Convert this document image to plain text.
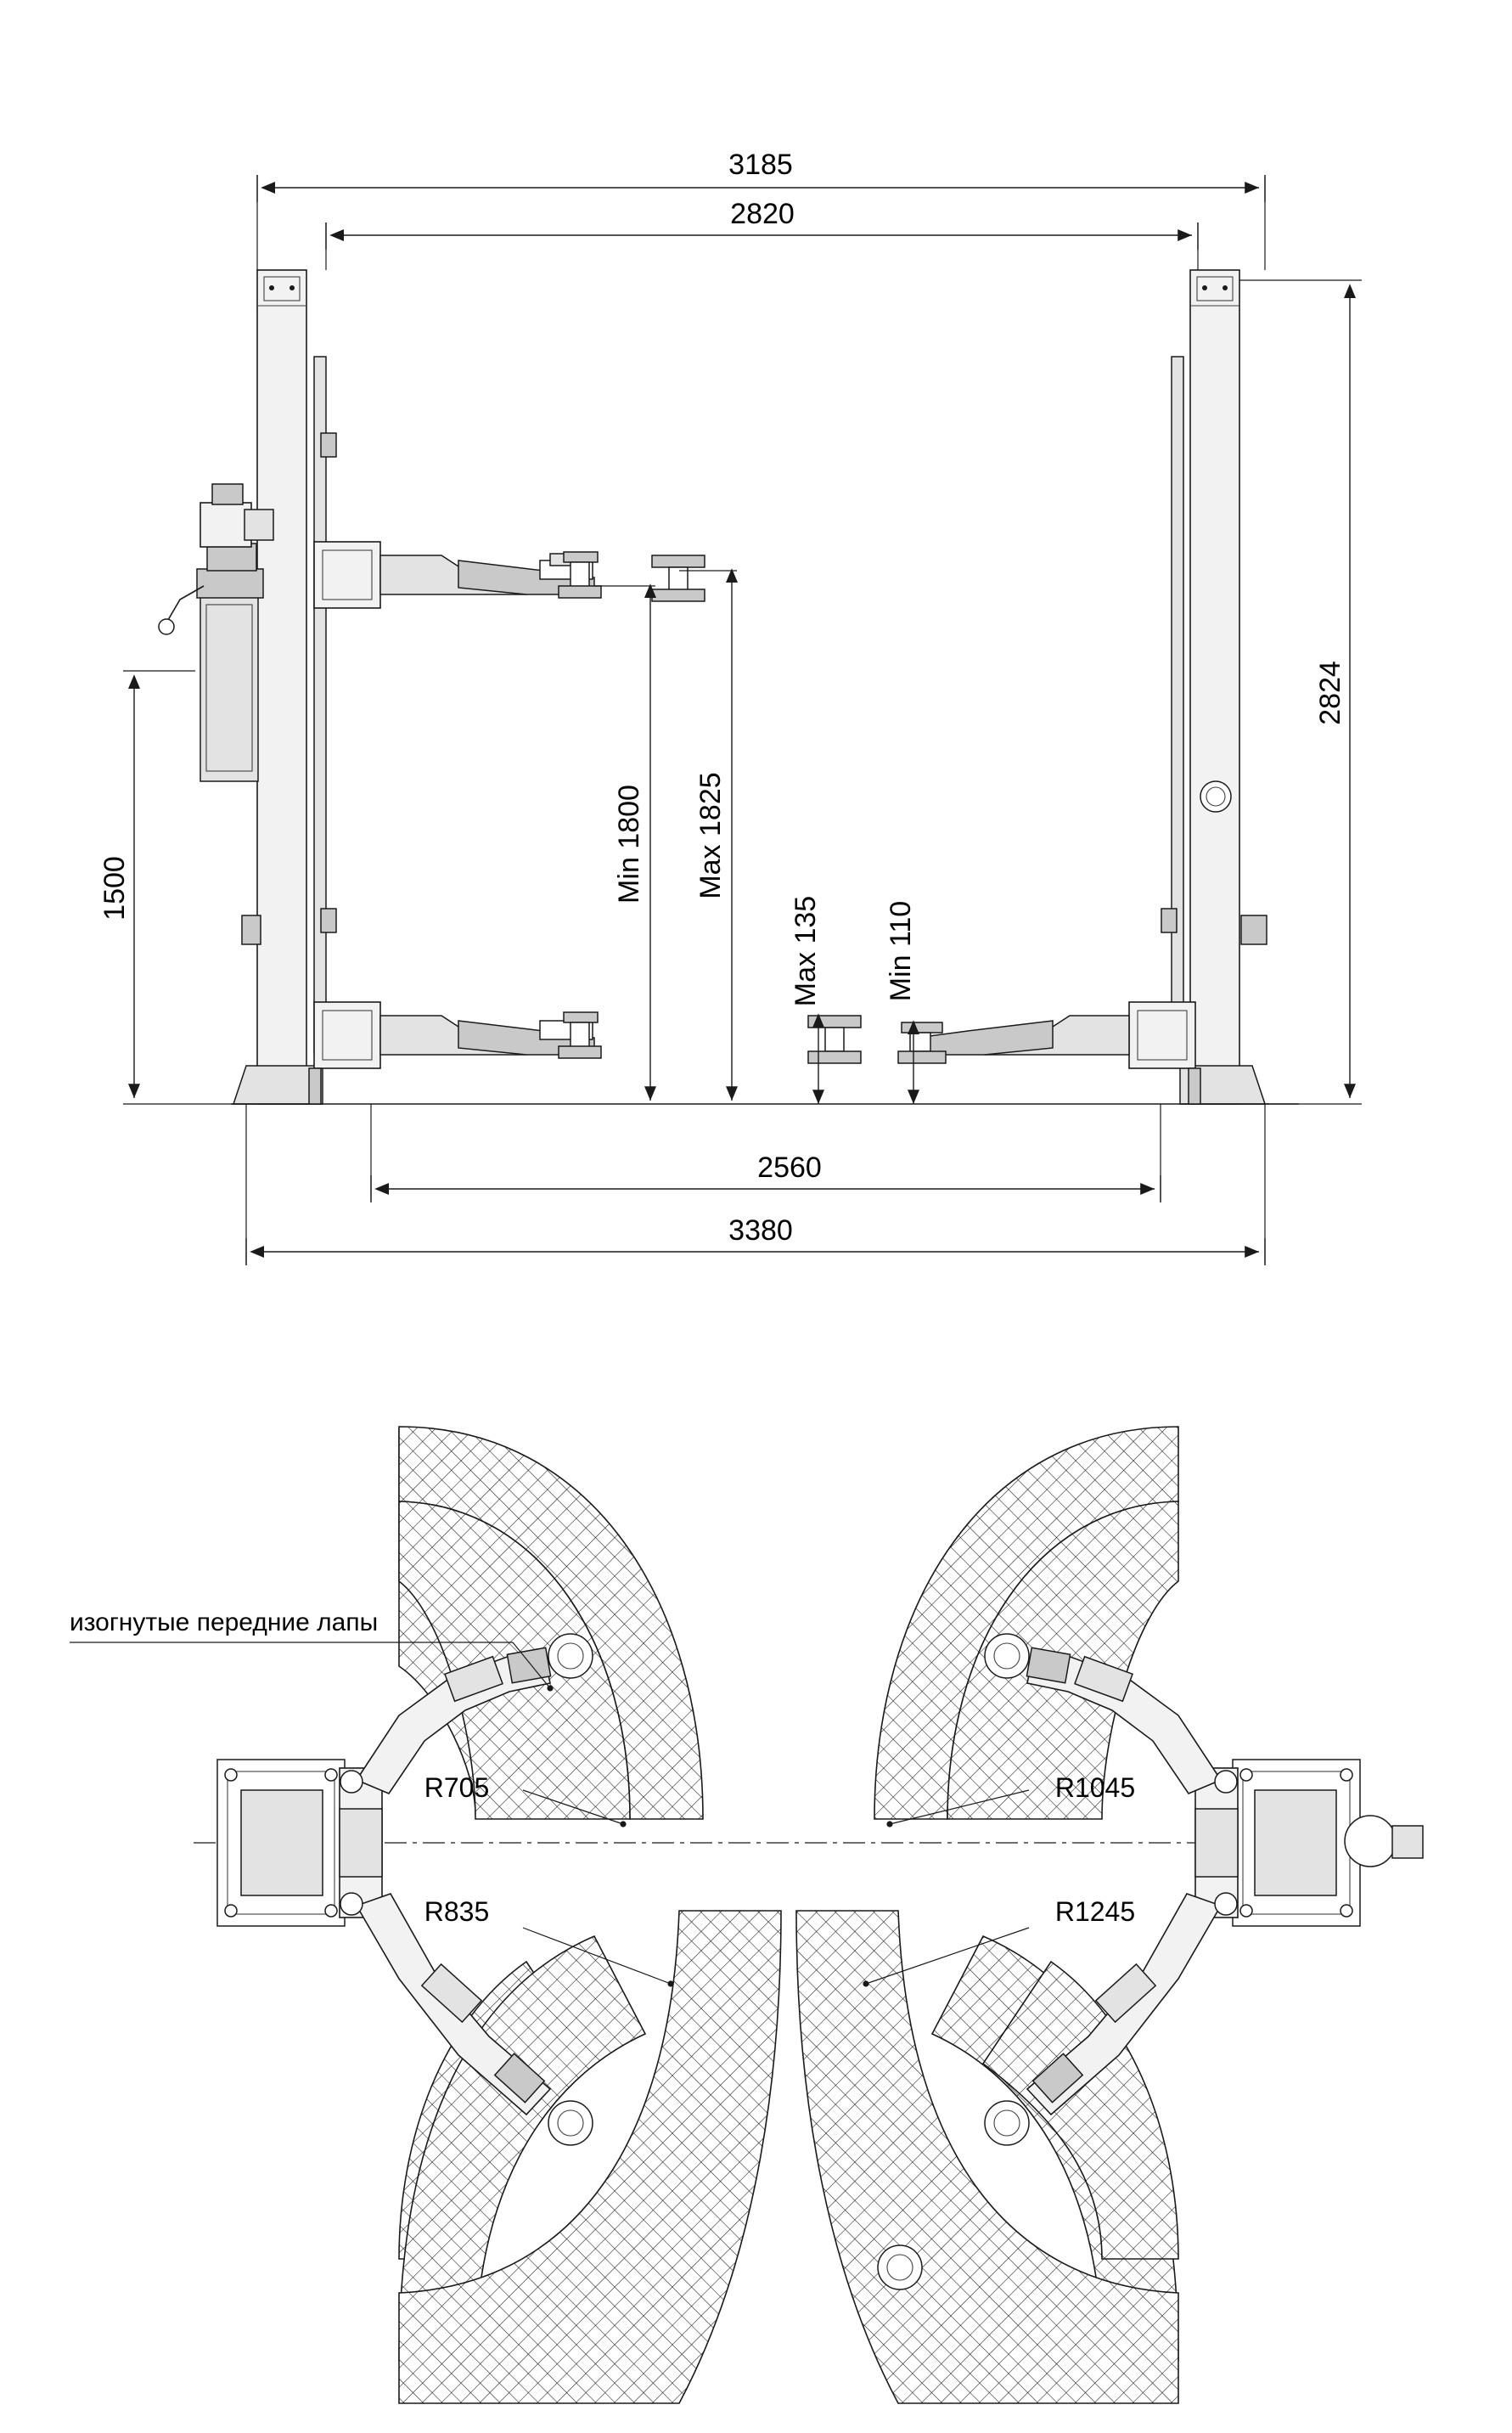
3185
2820
2824
1500	Min 1800 Max 1825
Max 135 Min 110
2560
3380
изогнутые передние лапы
R705
R835
R1045
R1245
